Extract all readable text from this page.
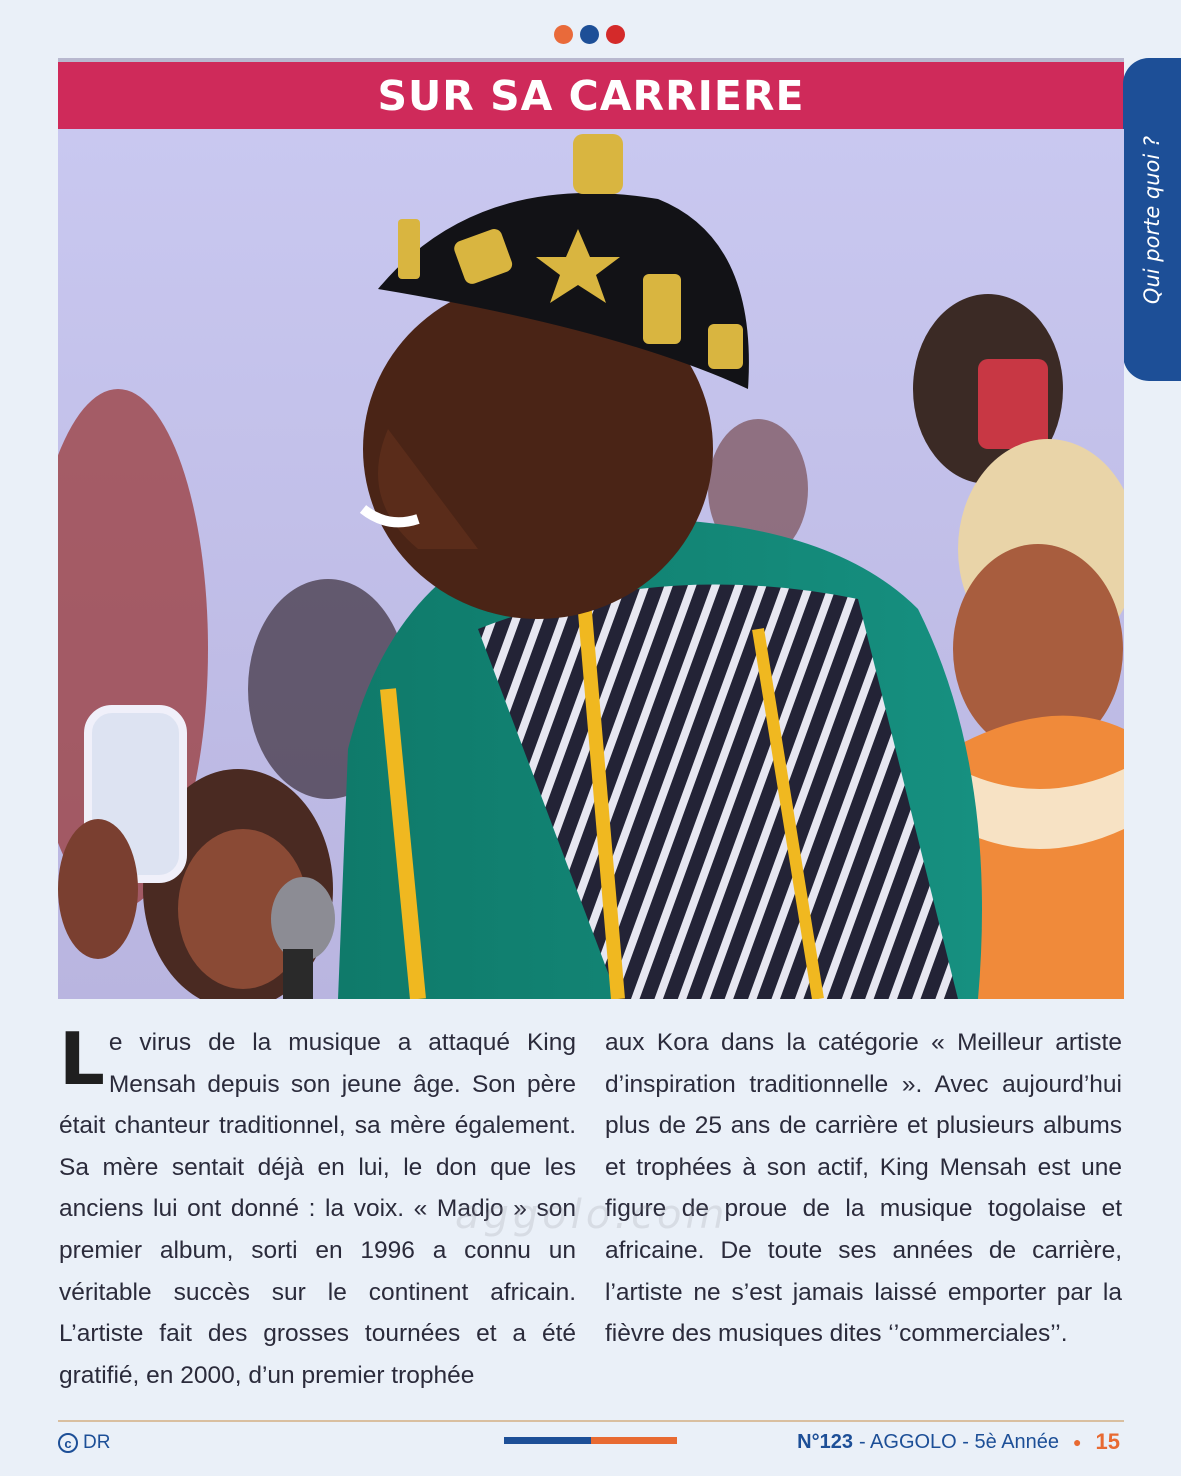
SUR SA CARRIERE
Qui porte quoi ?
L e virus de la musique a attaqué King Mensah depuis son jeune âge. Son père était chanteur traditionnel, sa mère également. Sa mère sentait déjà en lui, le don que les anciens lui ont donné : la voix. « Madjo » son premier album, sorti en 1996 a connu un véritable succès sur le continent africain. L’artiste fait des grosses tournées et a été gratifié, en 2000, d’un premier trophée

aux Kora dans la catégorie « Meilleur artiste d’inspiration traditionnelle ». Avec aujourd’hui plus de 25 ans de carrière et plusieurs albums et trophées à son actif, King Mensah est une figure de proue de la musique togolaise et africaine. De toute ses années de carrière, l’artiste ne s’est jamais laissé emporter par la fièvre des musiques dites ‘’commerciales’’.

aggolo.com
c DR	N°123 - AGGOLO - 5è Année ● 15
